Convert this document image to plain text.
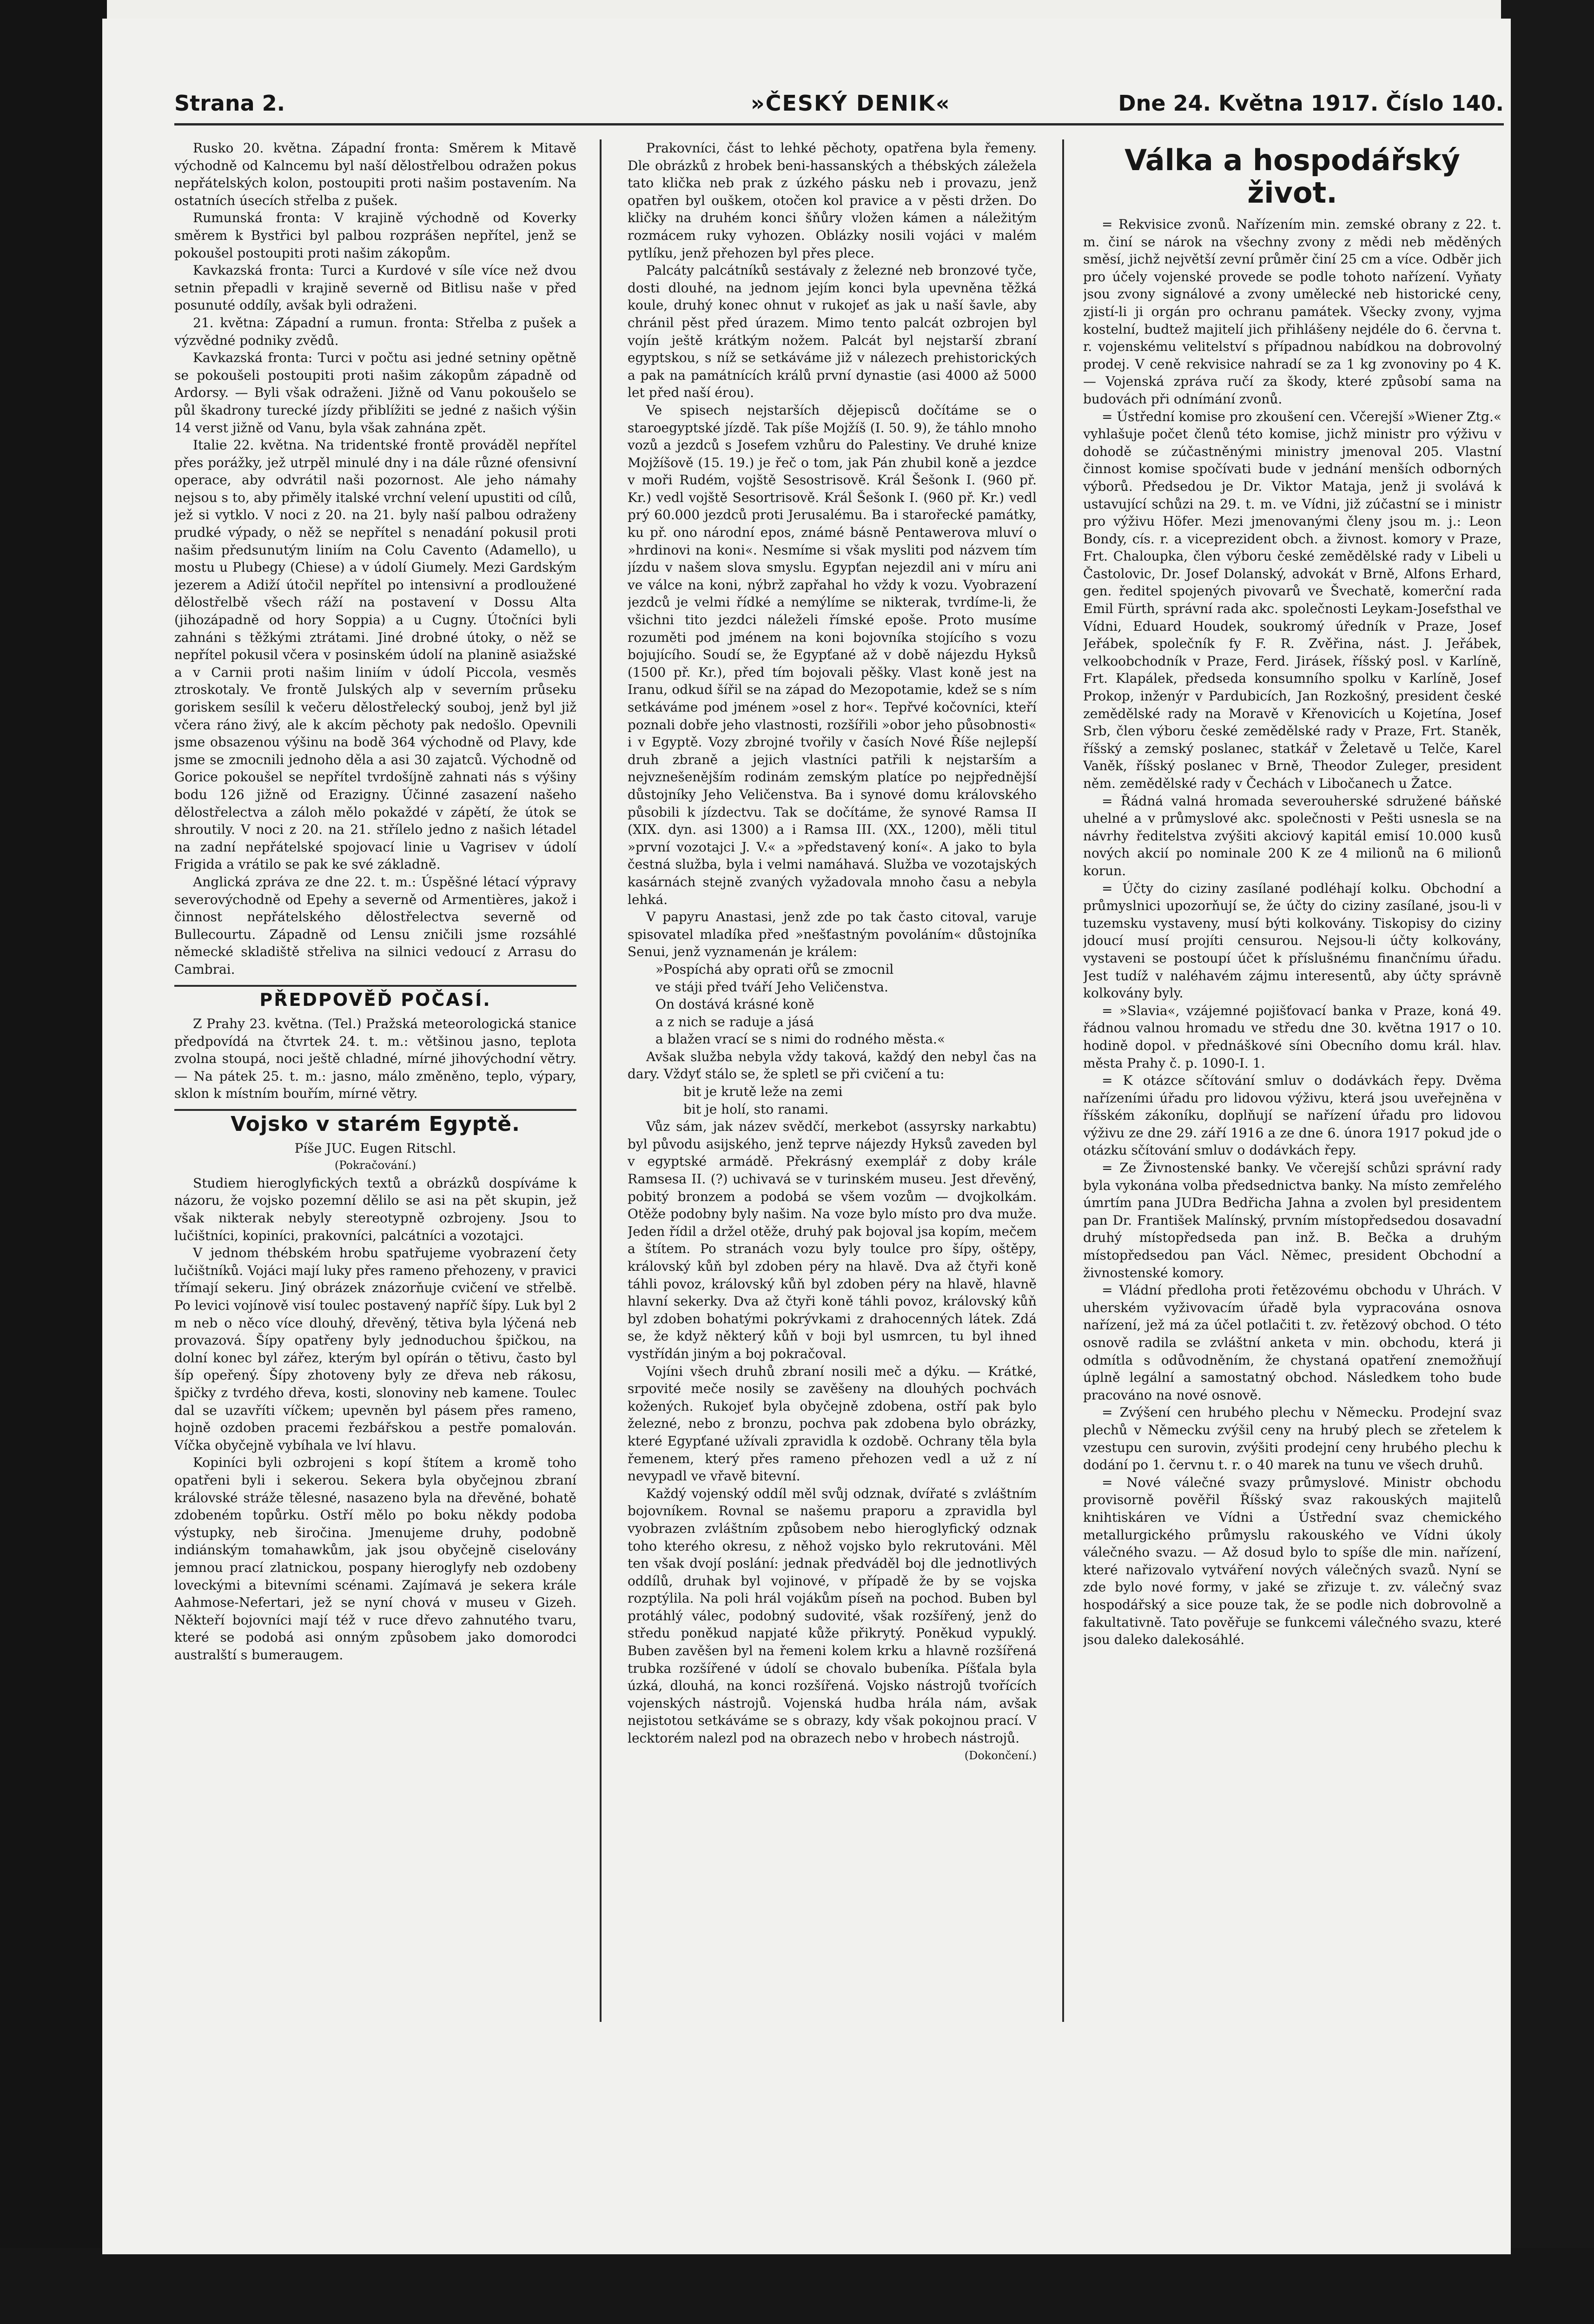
Strana 2.	»ČESKÝ DENIK«	Dne 24. Května 1917. Číslo 140.

Rusko 20. května. Západní fronta: Směrem k Mitavě východně od Kalncemu byl naší dělostřelbou odražen pokus nepřátelských kolon, postoupiti proti našim postavením. Na ostatních úsecích střelba z pušek.

Rumunská fronta: V krajině východně od Koverky směrem k Bystřici byl palbou rozprášen nepřítel, jenž se pokoušel postoupiti proti našim zákopům.

Kavkazská fronta: Turci a Kurdové v síle více než dvou setnin přepadli v krajině severně od Bitlisu naše v před posunuté oddíly, avšak byli odraženi.

21. května: Západní a rumun. fronta: Střelba z pušek a výzvědné podniky zvědů.

Kavkazská fronta: Turci v počtu asi jedné setniny opětně se pokoušeli postoupiti proti našim zákopům západně od Ardorsy. — Byli však odraženi. Jižně od Vanu pokoušelo se půl škadrony turecké jízdy přiblížiti se jedné z našich výšin 14 verst jižně od Vanu, byla však zahnána zpět.

Italie 22. května. Na tridentské frontě prováděl nepřítel přes porážky, jež utrpěl minulé dny i na dále různé ofensivní operace, aby odvrátil naši pozornost. Ale jeho námahy nejsou s to, aby přiměly italské vrchní velení upustiti od cílů, jež si vytklo. V noci z 20. na 21. byly naší palbou odraženy prudké výpady, o něž se nepřítel s nenadání pokusil proti našim předsunutým liniím na Colu Cavento (Adamello), u mostu u Plubegy (Chiese) a v údolí Giumely. Mezi Gardským jezerem a Adiží útočil nepřítel po intensivní a prodloužené dělostřelbě všech ráží na postavení v Dossu Alta (jihozápadně od hory Soppia) a u Cugny. Útočníci byli zahnáni s těžkými ztrátami. Jiné drobné útoky, o něž se nepřítel pokusil včera v posinském údolí na planině asiažské a v Carnii proti našim liniím v údolí Piccola, vesměs ztroskotaly. Ve frontě Julských alp v severním průseku goriskem sesílil k večeru dělostřelecký souboj, jenž byl již včera ráno živý, ale k akcím pěchoty pak nedošlo. Opevnili jsme obsazenou výšinu na bodě 364 východně od Plavy, kde jsme se zmocnili jednoho děla a asi 30 zajatců. Východně od Gorice pokoušel se nepřítel tvrdošíjně zahnati nás s výšiny bodu 126 jižně od Erazigny. Účinné zasazení našeho dělostřelectva a záloh mělo pokaždé v zápětí, že útok se shroutily. V noci z 20. na 21. střílelo jedno z našich létadel na zadní nepřátelské spojovací linie u Vagrisev v údolí Frigida a vrátilo se pak ke své základně.

Anglická zpráva ze dne 22. t. m.: Úspěšné létací výpravy severovýchodně od Epehy a severně od Armentières, jakož i činnost nepřátelského dělostřelectva severně od Bullecourtu. Západně od Lensu zničili jsme rozsáhlé německé skladiště střeliva na silnici vedoucí z Arrasu do Cambrai.

PŘEDPOVĚĎ POČASÍ.

Z Prahy 23. května. (Tel.) Pražská meteorologická stanice předpovídá na čtvrtek 24. t. m.: většinou jasno, teplota zvolna stoupá, noci ještě chladné, mírné jihovýchodní větry. — Na pátek 25. t. m.: jasno, málo změněno, teplo, výpary, sklon k místním bouřím, mírné větry.

Vojsko v starém Egyptě.

Píše JUC. Eugen Ritschl.

(Pokračování.)

Studiem hieroglyfických textů a obrázků dospíváme k názoru, že vojsko pozemní dělilo se asi na pět skupin, jež však nikterak nebyly stereotypně ozbrojeny. Jsou to lučištníci, kopiníci, prakovníci, palcátníci a vozotajci.

V jednom thébském hrobu spatřujeme vyobrazení čety lučištníků. Vojáci mají luky přes rameno přehozeny, v pravici třímají sekeru. Jiný obrázek znázorňuje cvičení ve střelbě. Po levici vojínově visí toulec postavený napříč šípy. Luk byl 2 m neb o něco více dlouhý, dřevěný, tětiva byla lýčená neb provazová. Šípy opatřeny byly jednoduchou špičkou, na dolní konec byl zářez, kterým byl opírán o tětivu, často byl šíp opeřený. Šípy zhotoveny byly ze dřeva neb rákosu, špičky z tvrdého dřeva, kosti, slonoviny neb kamene. Toulec dal se uzavříti víčkem; upevněn byl pásem přes rameno, hojně ozdoben pracemi řezbářskou a pestře pomalován. Víčka obyčejně vybíhala ve lví hlavu.

Kopiníci byli ozbrojeni s kopí štítem a kromě toho opatřeni byli i sekerou. Sekera byla obyčejnou zbraní královské stráže tělesné, nasazeno byla na dřevěné, bohatě zdobeném topůrku. Ostří mělo po boku někdy podoba výstupky, neb širočina. Jmenujeme druhy, podobně indiánským tomahawkům, jak jsou obyčejně ciselovány jemnou prací zlatnickou, pospany hieroglyfy neb ozdobeny loveckými a bitevními scénami. Zajímavá je sekera krále Aahmose-Nefertari, jež se nyní chová v museu v Gizeh. Někteří bojovníci mají též v ruce dřevo zahnutého tvaru, které se podobá asi onným způsobem jako domorodci australští s bumeraugem.

Prakovníci, část to lehké pěchoty, opatřena byla řemeny. Dle obrázků z hrobek beni-hassanských a thébských záležela tato klička neb prak z úzkého pásku neb i provazu, jenž opatřen byl ouškem, otočen kol pravice a v pěsti držen. Do kličky na druhém konci šňůry vložen kámen a náležitým rozmácem ruky vyhozen. Oblázky nosili vojáci v malém pytlíku, jenž přehozen byl přes plece.

Palcáty palcátníků sestávaly z železné neb bronzové tyče, dosti dlouhé, na jednom jejím konci byla upevněna těžká koule, druhý konec ohnut v rukojeť as jak u naší šavle, aby chránil pěst před úrazem. Mimo tento palcát ozbrojen byl vojín ještě krátkým nožem. Palcát byl nejstarší zbraní egyptskou, s níž se setkáváme již v nálezech prehistorických a pak na památnících králů první dynastie (asi 4000 až 5000 let před naší érou).

Ve spisech nejstarších dějepisců dočítáme se o staroegyptské jízdě. Tak píše Mojžíš (I. 50. 9), že táhlo mnoho vozů a jezdců s Josefem vzhůru do Palestiny. Ve druhé knize Mojžíšově (15. 19.) je řeč o tom, jak Pán zhubil koně a jezdce v moři Rudém, vojště Sesostrisově. Král Šešonk I. (960 př. Kr.) vedl vojště Sesortrisově. Král Šešonk I. (960 př. Kr.) vedl prý 60.000 jezdců proti Jerusalému. Ba i starořecké památky, ku př. ono národní epos, známé básně Pentawerova mluví o »hrdinovi na koni«. Nesmíme si však mysliti pod názvem tím jízdu v našem slova smyslu. Egypťan nejezdil ani v míru ani ve válce na koni, nýbrž zapřahal ho vždy k vozu. Vyobrazení jezdců je velmi řídké a nemýlíme se nikterak, tvrdíme-li, že všichni tito jezdci náleželi římské epoše. Proto musíme rozuměti pod jménem na koni bojovníka stojícího s vozu bojujícího. Soudí se, že Egypťané až v době nájezdu Hyksů (1500 př. Kr.), před tím bojovali pěšky. Vlast koně jest na Iranu, odkud šířil se na západ do Mezopotamie, kdež se s ním setkáváme pod jménem »osel z hor«. Tepřvé kočovníci, kteří poznali dobře jeho vlastnosti, rozšířili »obor jeho působnosti« i v Egyptě. Vozy zbrojné tvořily v časích Nové Říše nejlepší druh zbraně a jejich vlastníci patřili k nejstarším a nejvznešenějším rodinám zemským platíce po nejpřednější důstojníky Jeho Veličenstva. Ba i synové domu královského působili k jízdectvu. Tak se dočítáme, že synové Ramsa II (XIX. dyn. asi 1300) a i Ramsa III. (XX., 1200), měli titul »první vozotajci J. V.« a »představený koní«. A jako to byla čestná služba, byla i velmi namáhavá. Služba ve vozotajských kasárnách stejně zvaných vyžadovala mnoho času a nebyla lehká.

V papyru Anastasi, jenž zde po tak často citoval, varuje spisovatel mladíka před »nešťastným povoláním« důstojníka Senui, jenž vyznamenán je králem:

»Pospíchá aby oprati ořů se zmocnil

ve stáji před tváří Jeho Veličenstva.

On dostává krásné koně

a z nich se raduje a jásá

a blažen vrací se s nimi do rodného města.«

Avšak služba nebyla vždy taková, každý den nebyl čas na dary. Vždyť stálo se, že spletl se při cvičení a tu:

bit je krutě leže na zemi

bit je holí, sto ranami.

Vůz sám, jak název svědčí, merkebot (assyrsky narkabtu) byl původu asijského, jenž teprve nájezdy Hyksů zaveden byl v egyptské armádě. Překrásný exemplář z doby krále Ramsesa II. (?) uchivavá se v turinském museu. Jest dřevěný, pobitý bronzem a podobá se všem vozům — dvojkolkám. Otěže podobny byly našim. Na voze bylo místo pro dva muže. Jeden řídil a držel otěže, druhý pak bojoval jsa kopím, mečem a štítem. Po stranách vozu byly toulce pro šípy, oštěpy, královský kůň byl zdoben péry na hlavě. Dva až čtyři koně táhli povoz, královský kůň byl zdoben péry na hlavě, hlavně hlavní sekerky. Dva až čtyři koně táhli povoz, královský kůň byl zdoben bohatými pokrývkami z drahocenných látek. Zdá se, že když některý kůň v boji byl usmrcen, tu byl ihned vystřídán jiným a boj pokračoval.

Vojíni všech druhů zbraní nosili meč a dýku. — Krátké, srpovité meče nosily se zavěšeny na dlouhých pochvách kožených. Rukojeť byla obyčejně zdobena, ostří pak bylo železné, nebo z bronzu, pochva pak zdobena bylo obrázky, které Egypťané užívali zpravidla k ozdobě. Ochrany těla byla řemenem, který přes rameno přehozen vedl a už z ní nevypadl ve vřavě bitevní.

Každý vojenský oddíl měl svůj odznak, dvířaté s zvláštním bojovníkem. Rovnal se našemu praporu a zpravidla byl vyobrazen zvláštním způsobem nebo hieroglyfický odznak toho kterého okresu, z něhož vojsko bylo rekrutováni. Měl ten však dvojí poslání: jednak předváděl boj dle jednotlivých oddílů, druhak byl vojinové, v případě že by se vojska rozptýlila. Na poli hrál vojákům píseň na pochod. Buben byl protáhlý válec, podobný sudovité, však rozšířený, jenž do středu poněkud napjaté kůže přikrytý. Poněkud vypuklý. Buben zavěšen byl na řemeni kolem krku a hlavně rozšířená trubka rozšířené v údolí se chovalo bubeníka. Píšťala byla úzká, dlouhá, na konci rozšířená. Vojsko nástrojů tvořících vojenských nástrojů. Vojenská hudba hrála nám, avšak nejistotou setkáváme se s obrazy, kdy však pokojnou prací. V lecktorém nalezl pod na obrazech nebo v hrobech nástrojů.

(Dokončení.)

Válka a hospodářský život.

= Rekvisice zvonů. Nařízením min. zemské obrany z 22. t. m. činí se nárok na všechny zvony z mědi neb měděných směsí, jichž největší zevní průměr činí 25 cm a více. Odběr jich pro účely vojenské provede se podle tohoto nařízení. Vyňaty jsou zvony signálové a zvony umělecké neb historické ceny, zjistí-li ji orgán pro ochranu památek. Všecky zvony, vyjma kostelní, budtež majitelí jich přihlášeny nejdéle do 6. června t. r. vojenskému velitelství s případnou nabídkou na dobrovolný prodej. V ceně rekvisice nahradí se za 1 kg zvonoviny po 4 K. — Vojenská zpráva ručí za škody, které způsobí sama na budovách při odnímání zvonů.

= Ústřední komise pro zkoušení cen. Včerejší »Wiener Ztg.« vyhlašuje počet členů této komise, jichž ministr pro výživu v dohodě se zúčastněnými ministry jmenoval 205. Vlastní činnost komise spočívati bude v jednání menších odborných výborů. Předsedou je Dr. Viktor Mataja, jenž ji svolává k ustavující schůzi na 29. t. m. ve Vídni, již zúčastní se i ministr pro výživu Höfer. Mezi jmenovanými členy jsou m. j.: Leon Bondy, cís. r. a viceprezident obch. a živnost. komory v Praze, Frt. Chaloupka, člen výboru české zemědělské rady v Libeli u Častolovic, Dr. Josef Dolanský, advokát v Brně, Alfons Erhard, gen. ředitel spojených pivovarů ve Švechatě, komerční rada Emil Fürth, správní rada akc. společnosti Leykam-Josefsthal ve Vídni, Eduard Houdek, soukromý úředník v Praze, Josef Jeřábek, společník fy F. R. Zvěřina, nást. J. Jeřábek, velkoobchodník v Praze, Ferd. Jirásek, říšský posl. v Karlíně, Frt. Klapálek, předseda konsumního spolku v Karlíně, Josef Prokop, inženýr v Pardubicích, Jan Rozkošný, president české zemědělské rady na Moravě v Křenovicích u Kojetína, Josef Srb, člen výboru české zemědělské rady v Praze, Frt. Staněk, říšský a zemský poslanec, statkář v Želetavě u Telče, Karel Vaněk, říšský poslanec v Brně, Theodor Zuleger, president něm. zemědělské rady v Čechách v Libočanech u Žatce.

= Řádná valná hromada severouherské sdružené báňské uhelné a v průmyslové akc. společnosti v Pešti usnesla se na návrhy ředitelstva zvýšiti akciový kapitál emisí 10.000 kusů nových akcií po nominale 200 K ze 4 milionů na 6 milionů korun.

= Účty do ciziny zasílané podléhají kolku. Obchodní a průmyslnici upozorňují se, že účty do ciziny zasílané, jsou-li v tuzemsku vystaveny, musí býti kolkovány. Tiskopisy do ciziny jdoucí musí projíti censurou. Nejsou-li účty kolkovány, vystaveni se postoupí účet k příslušnému finančnímu úřadu. Jest tudíž v naléhavém zájmu interesentů, aby účty správně kolkovány byly.

= »Slavia«, vzájemné pojišťovací banka v Praze, koná 49. řádnou valnou hromadu ve středu dne 30. května 1917 o 10. hodině dopol. v přednáškové síni Obecního domu král. hlav. města Prahy č. p. 1090-I. 1.

= K otázce sčítování smluv o dodávkách řepy. Dvěma nařízeními úřadu pro lidovou výživu, která jsou uveřejněna v říšském zákoníku, doplňují se nařízení úřadu pro lidovou výživu ze dne 29. září 1916 a ze dne 6. února 1917 pokud jde o otázku sčítování smluv o dodávkách řepy.

= Ze Živnostenské banky. Ve včerejší schůzi správní rady byla vykonána volba předsednictva banky. Na místo zemřelého úmrtím pana JUDra Bedřicha Jahna a zvolen byl presidentem pan Dr. František Malínský, prvním místopředsedou dosavadní druhý místopředseda pan inž. B. Bečka a druhým místopředsedou pan Václ. Němec, president Obchodní a živnostenské komory.

= Vládní předloha proti řetězovému obchodu v Uhrách. V uherském vyživovacím úřadě byla vypracována osnova nařízení, jež má za účel potlačiti t. zv. řetězový obchod. O této osnově radila se zvláštní anketa v min. obchodu, která ji odmítla s odůvodněním, že chystaná opatření znemožňují úplně legální a samostatný obchod. Následkem toho bude pracováno na nové osnově.

= Zvýšení cen hrubého plechu v Německu. Prodejní svaz plechů v Německu zvýšil ceny na hrubý plech se zřetelem k vzestupu cen surovin, zvýšiti prodejní ceny hrubého plechu k dodání po 1. červnu t. r. o 40 marek na tunu ve všech druhů.

= Nové válečné svazy průmyslové. Ministr obchodu provisorně pověřil Říšský svaz rakouských majitelů knihtiskáren ve Vídni a Ústřední svaz chemického metallurgického průmyslu rakouského ve Vídni úkoly válečného svazu. — Až dosud bylo to spíše dle min. nařízení, které nařizovalo vytváření nových válečných svazů. Nyní se zde bylo nové formy, v jaké se zřizuje t. zv. válečný svaz hospodářský a sice pouze tak, že se podle nich dobrovolně a fakultativně. Tato pověřuje se funkcemi válečného svazu, které jsou daleko dalekosáhlé.
